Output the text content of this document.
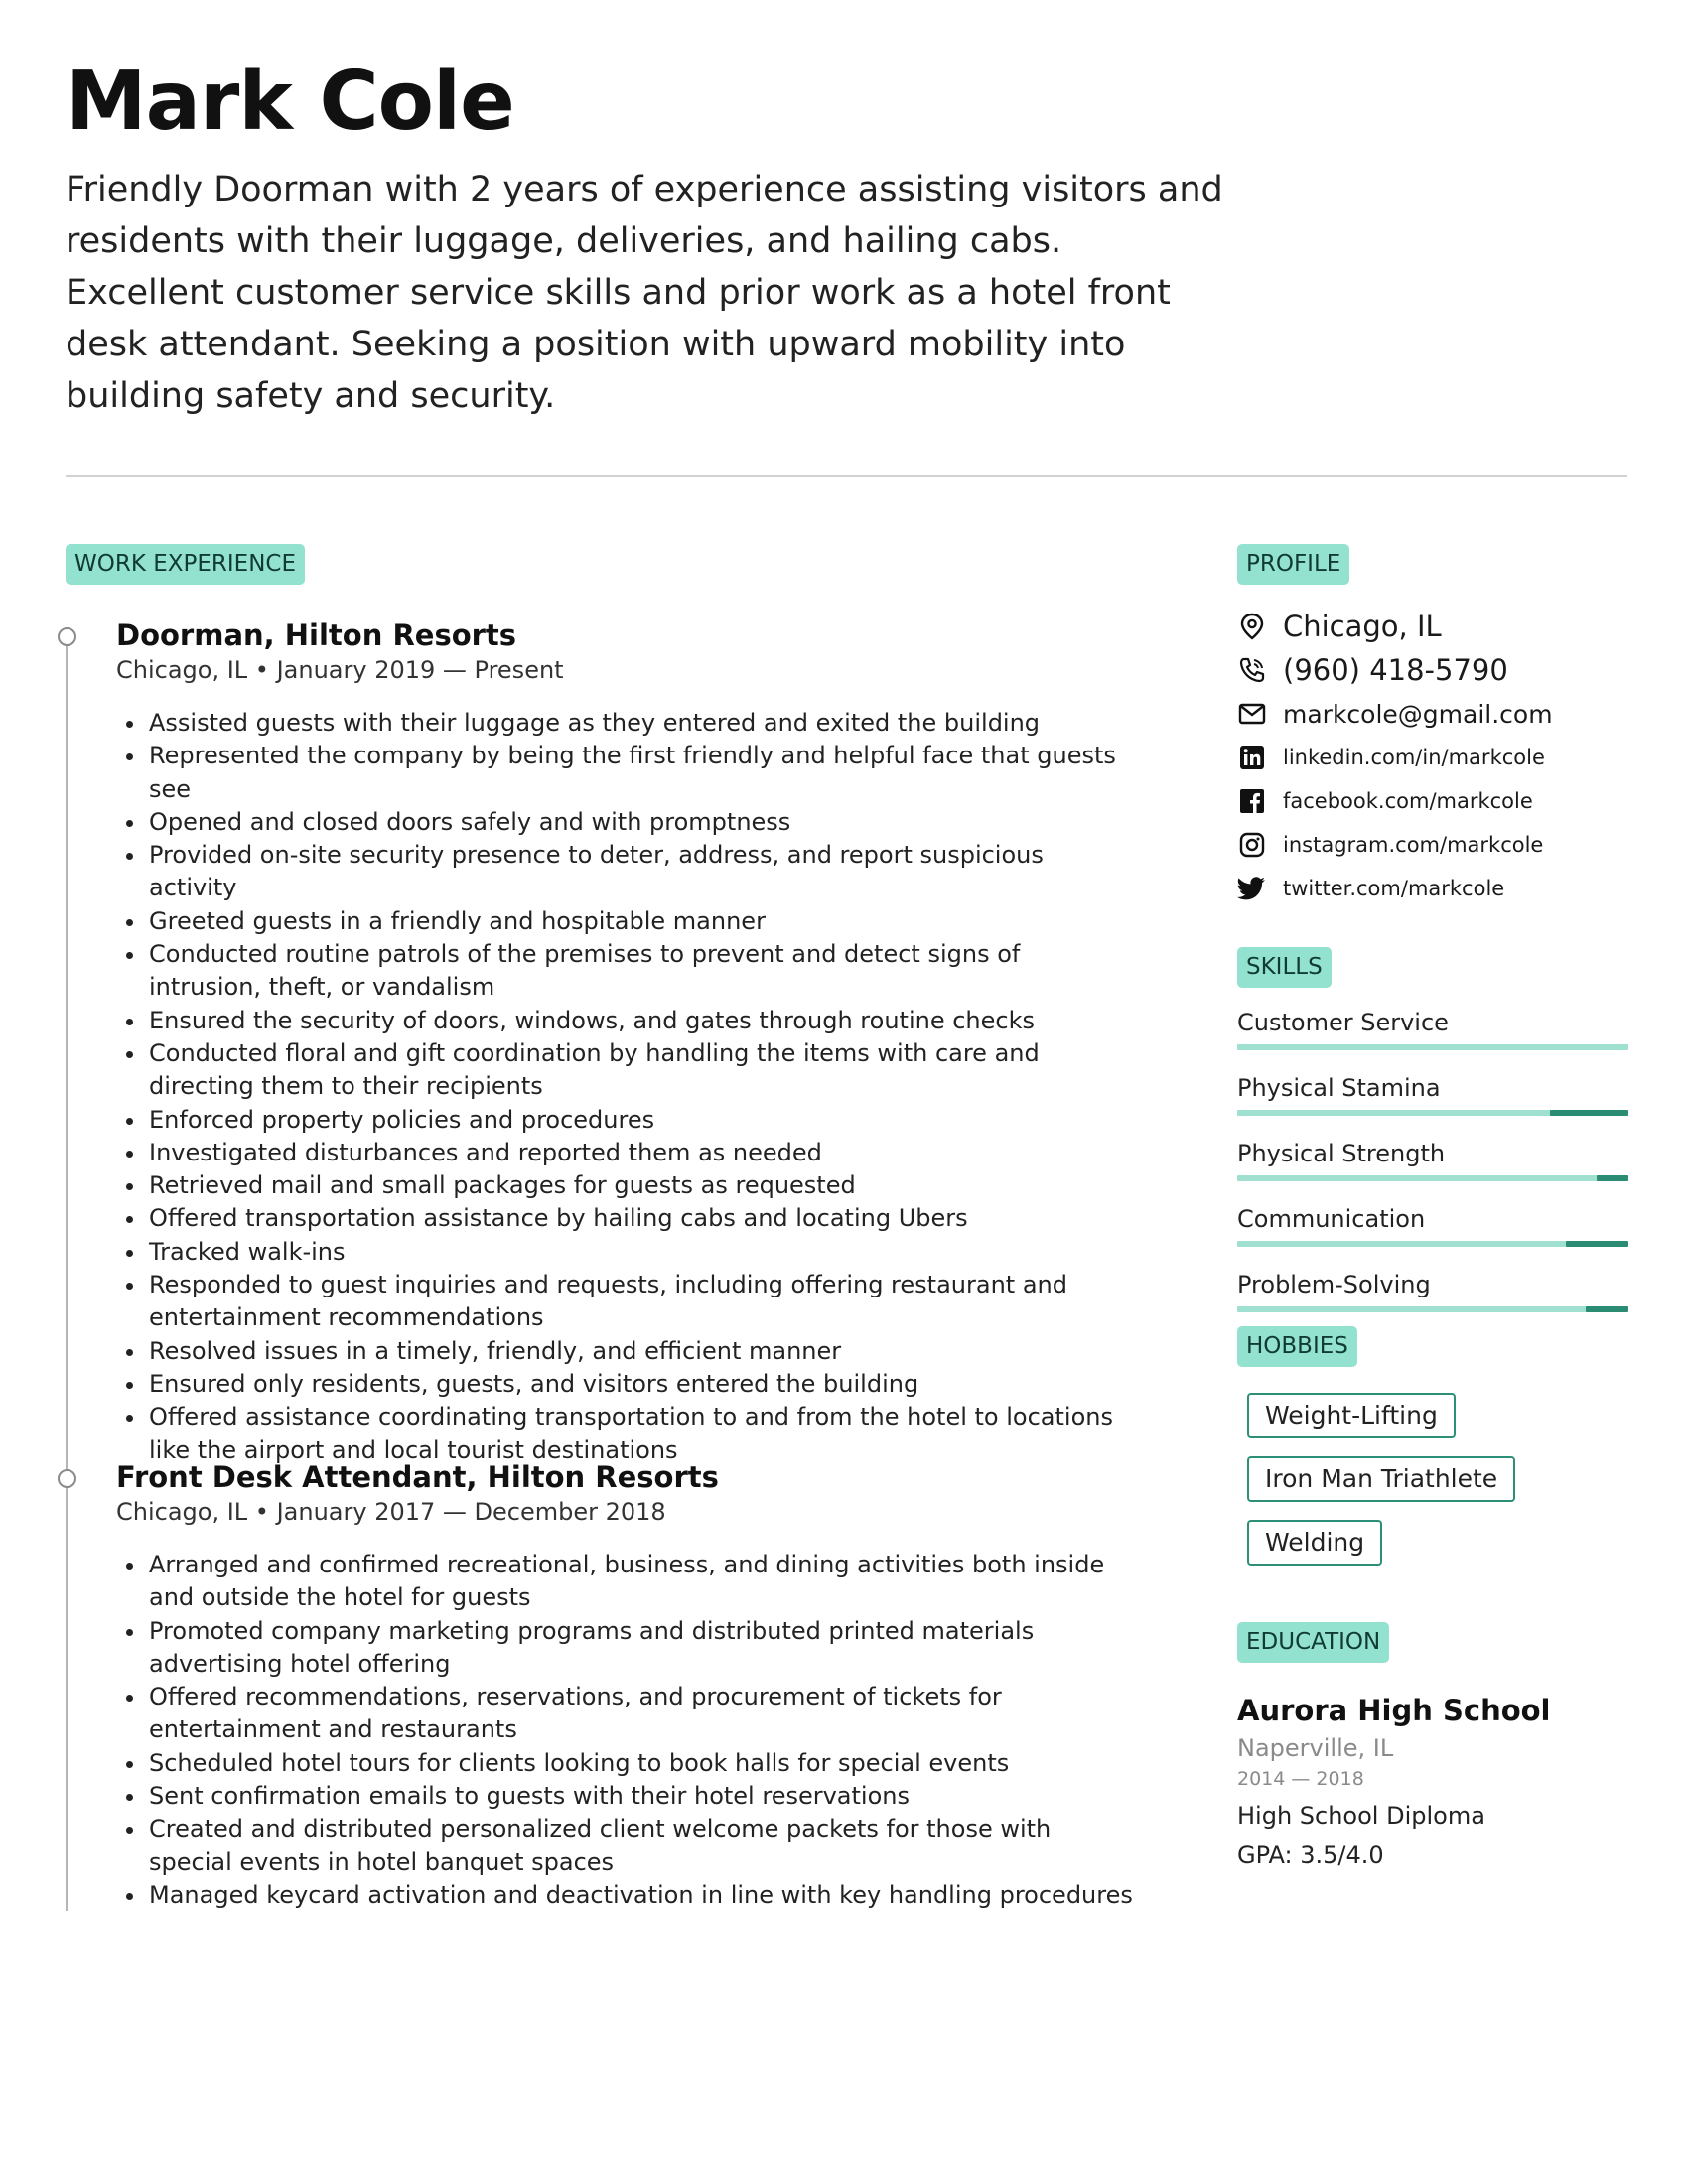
Mark Cole

Friendly Doorman with 2 years of experience assisting visitors and residents with their luggage, deliveries, and hailing cabs. Excellent customer service skills and prior work as a hotel front desk attendant. Seeking a position with upward mobility into building safety and security.

WORK EXPERIENCE
Doorman, Hilton Resorts
Chicago, IL • January 2019 — Present
• Assisted guests with their luggage as they entered and exited the building
• Represented the company by being the first friendly and helpful face that guests see
• Opened and closed doors safely and with promptness
• Provided on-site security presence to deter, address, and report suspicious activity
• Greeted guests in a friendly and hospitable manner
• Conducted routine patrols of the premises to prevent and detect signs of intrusion, theft, or vandalism
• Ensured the security of doors, windows, and gates through routine checks
• Conducted floral and gift coordination by handling the items with care and directing them to their recipients
• Enforced property policies and procedures
• Investigated disturbances and reported them as needed
• Retrieved mail and small packages for guests as requested
• Offered transportation assistance by hailing cabs and locating Ubers
• Tracked walk-ins
• Responded to guest inquiries and requests, including offering restaurant and entertainment recommendations
• Resolved issues in a timely, friendly, and efficient manner
• Ensured only residents, guests, and visitors entered the building
• Offered assistance coordinating transportation to and from the hotel to locations like the airport and local tourist destinations
Front Desk Attendant, Hilton Resorts
Chicago, IL • January 2017 — December 2018
• Arranged and confirmed recreational, business, and dining activities both inside and outside the hotel for guests
• Promoted company marketing programs and distributed printed materials advertising hotel offering
• Offered recommendations, reservations, and procurement of tickets for entertainment and restaurants
• Scheduled hotel tours for clients looking to book halls for special events
• Sent confirmation emails to guests with their hotel reservations
• Created and distributed personalized client welcome packets for those with special events in hotel banquet spaces
• Managed keycard activation and deactivation in line with key handling procedures
PROFILE
Chicago, IL
(960) 418-5790
markcole@gmail.com
linkedin.com/in/markcole
facebook.com/markcole
instagram.com/markcole
twitter.com/markcole
SKILLS
Customer Service
Physical Stamina
Physical Strength
Communication
Problem-Solving
HOBBIES
Weight-Lifting
Iron Man Triathlete
Welding
EDUCATION
Aurora High School
Naperville, IL
2014 — 2018
High School Diploma
GPA: 3.5/4.0
